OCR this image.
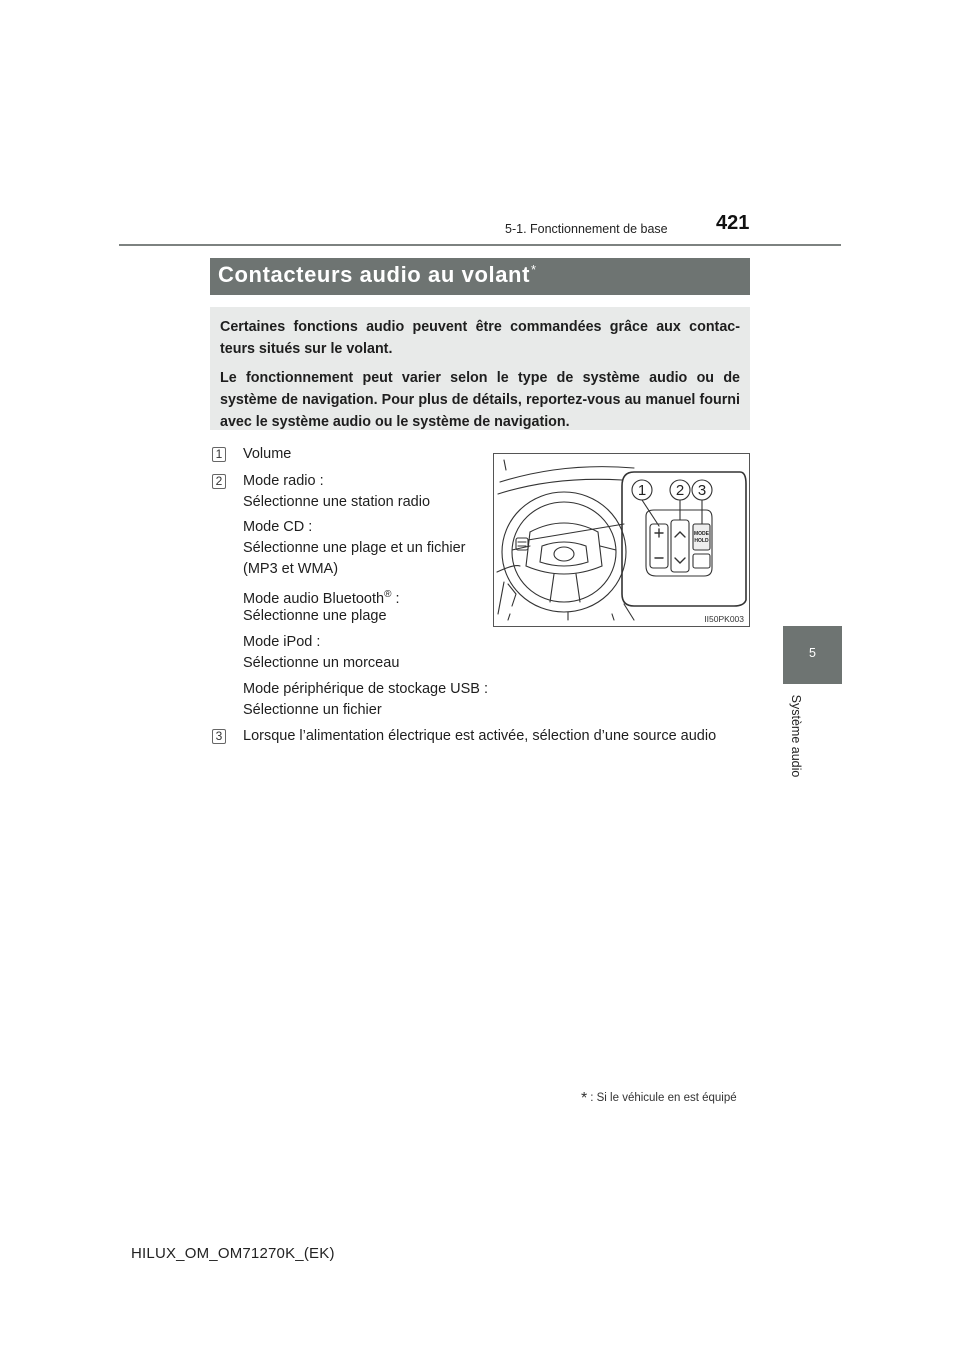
5-1. Fonctionnement de base 421
Contacteurs audio au volant*

Certaines fonctions audio peuvent être commandées grâce aux contac-teurs situés sur le volant.

Le fonctionnement peut varier selon le type de système audio ou de système de navigation. Pour plus de détails, reportez-vous au manuel fourni avec le système audio ou le système de navigation.

1 Volume
2 Mode radio :
Sélectionne une station radio
Mode CD :
Sélectionne une plage et un fichier
(MP3 et WMA)
Mode audio Bluetooth® :
Sélectionne une plage
Mode iPod :
Sélectionne un morceau
Mode périphérique de stockage USB :
Sélectionne un fichier
3 Lorsque l’alimentation électrique est activée, sélection d’une source audio
1 2 3
MODE
HOLD
II50PK003
5
Système audio
* : Si le véhicule en est équipé
HILUX_OM_OM71270K_(EK)
